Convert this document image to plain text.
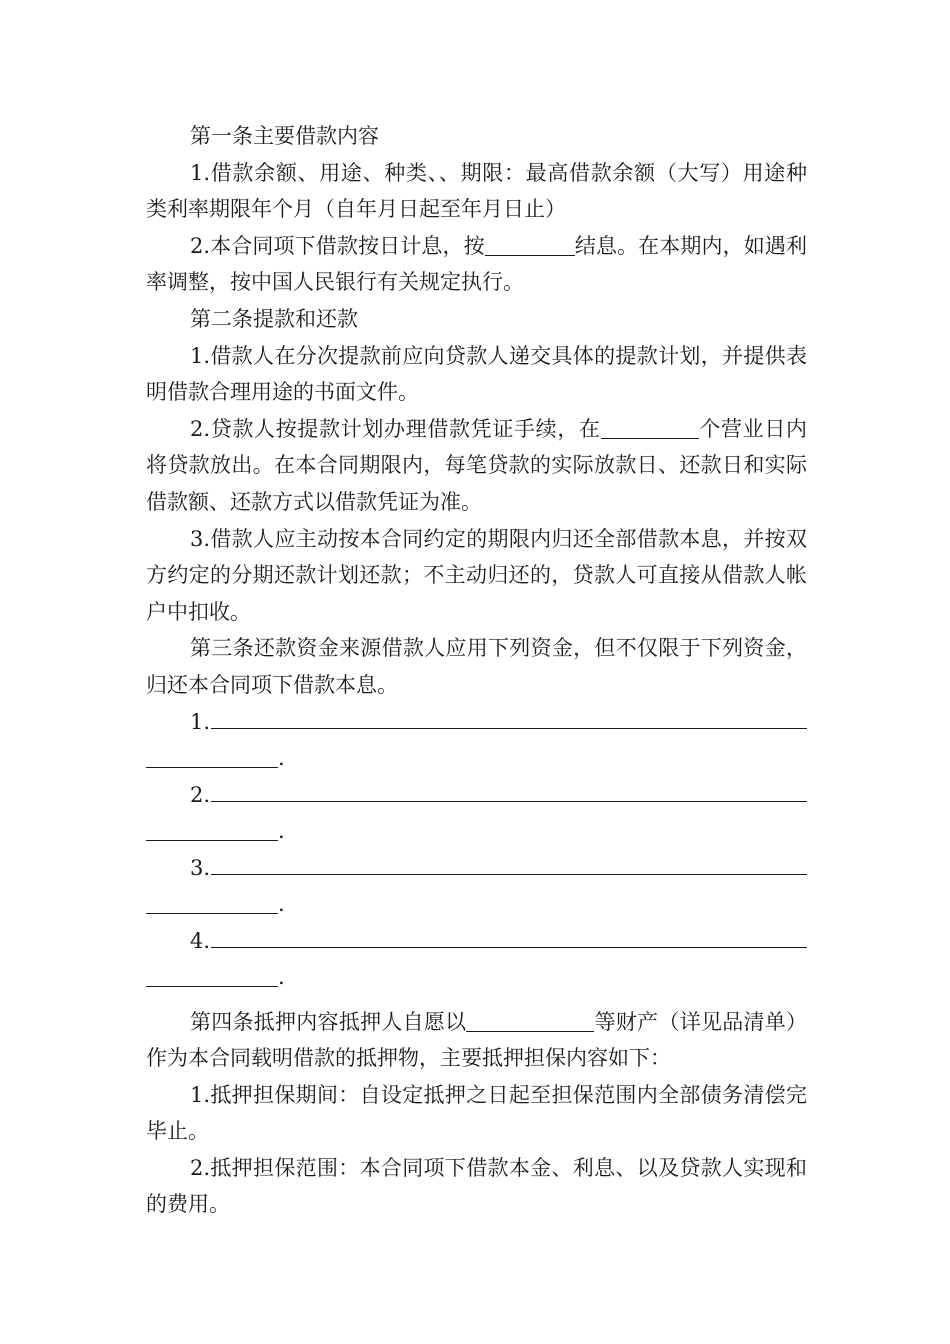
第一条主要借款内容

1.借款余额、用途、种类、、期限：最高借款余额（大写）用途种类利率期限年个月（自年月日起至年月日止）

2.本合同项下借款按日计息，按	结息。在本期内，如遇利率调整，按中国人民银行有关规定执行。

第二条提款和还款

1.借款人在分次提款前应向贷款人递交具体的提款计划，并提供表明借款合理用途的书面文件。

2.贷款人按提款计划办理借款凭证手续，在	个营业日内将贷款放出。在本合同期限内，每笔贷款的实际放款日、还款日和实际借款额、还款方式以借款凭证为准。

3.借款人应主动按本合同约定的期限内归还全部借款本息，并按双方约定的分期还款计划还款；不主动归还的，贷款人可直接从借款人帐户中扣收。

第三条还款资金来源借款人应用下列资金，但不仅限于下列资金，归还本合同项下借款本息。

1.
.
2.
.
3.
.
4.
.

第四条抵押内容抵押人自愿以	等财产（详见品清单）作为本合同载明借款的抵押物，主要抵押担保内容如下：

1.抵押担保期间：自设定抵押之日起至担保范围内全部债务清偿完毕止。

2.抵押担保范围：本合同项下借款本金、利息、以及贷款人实现和的费用。
